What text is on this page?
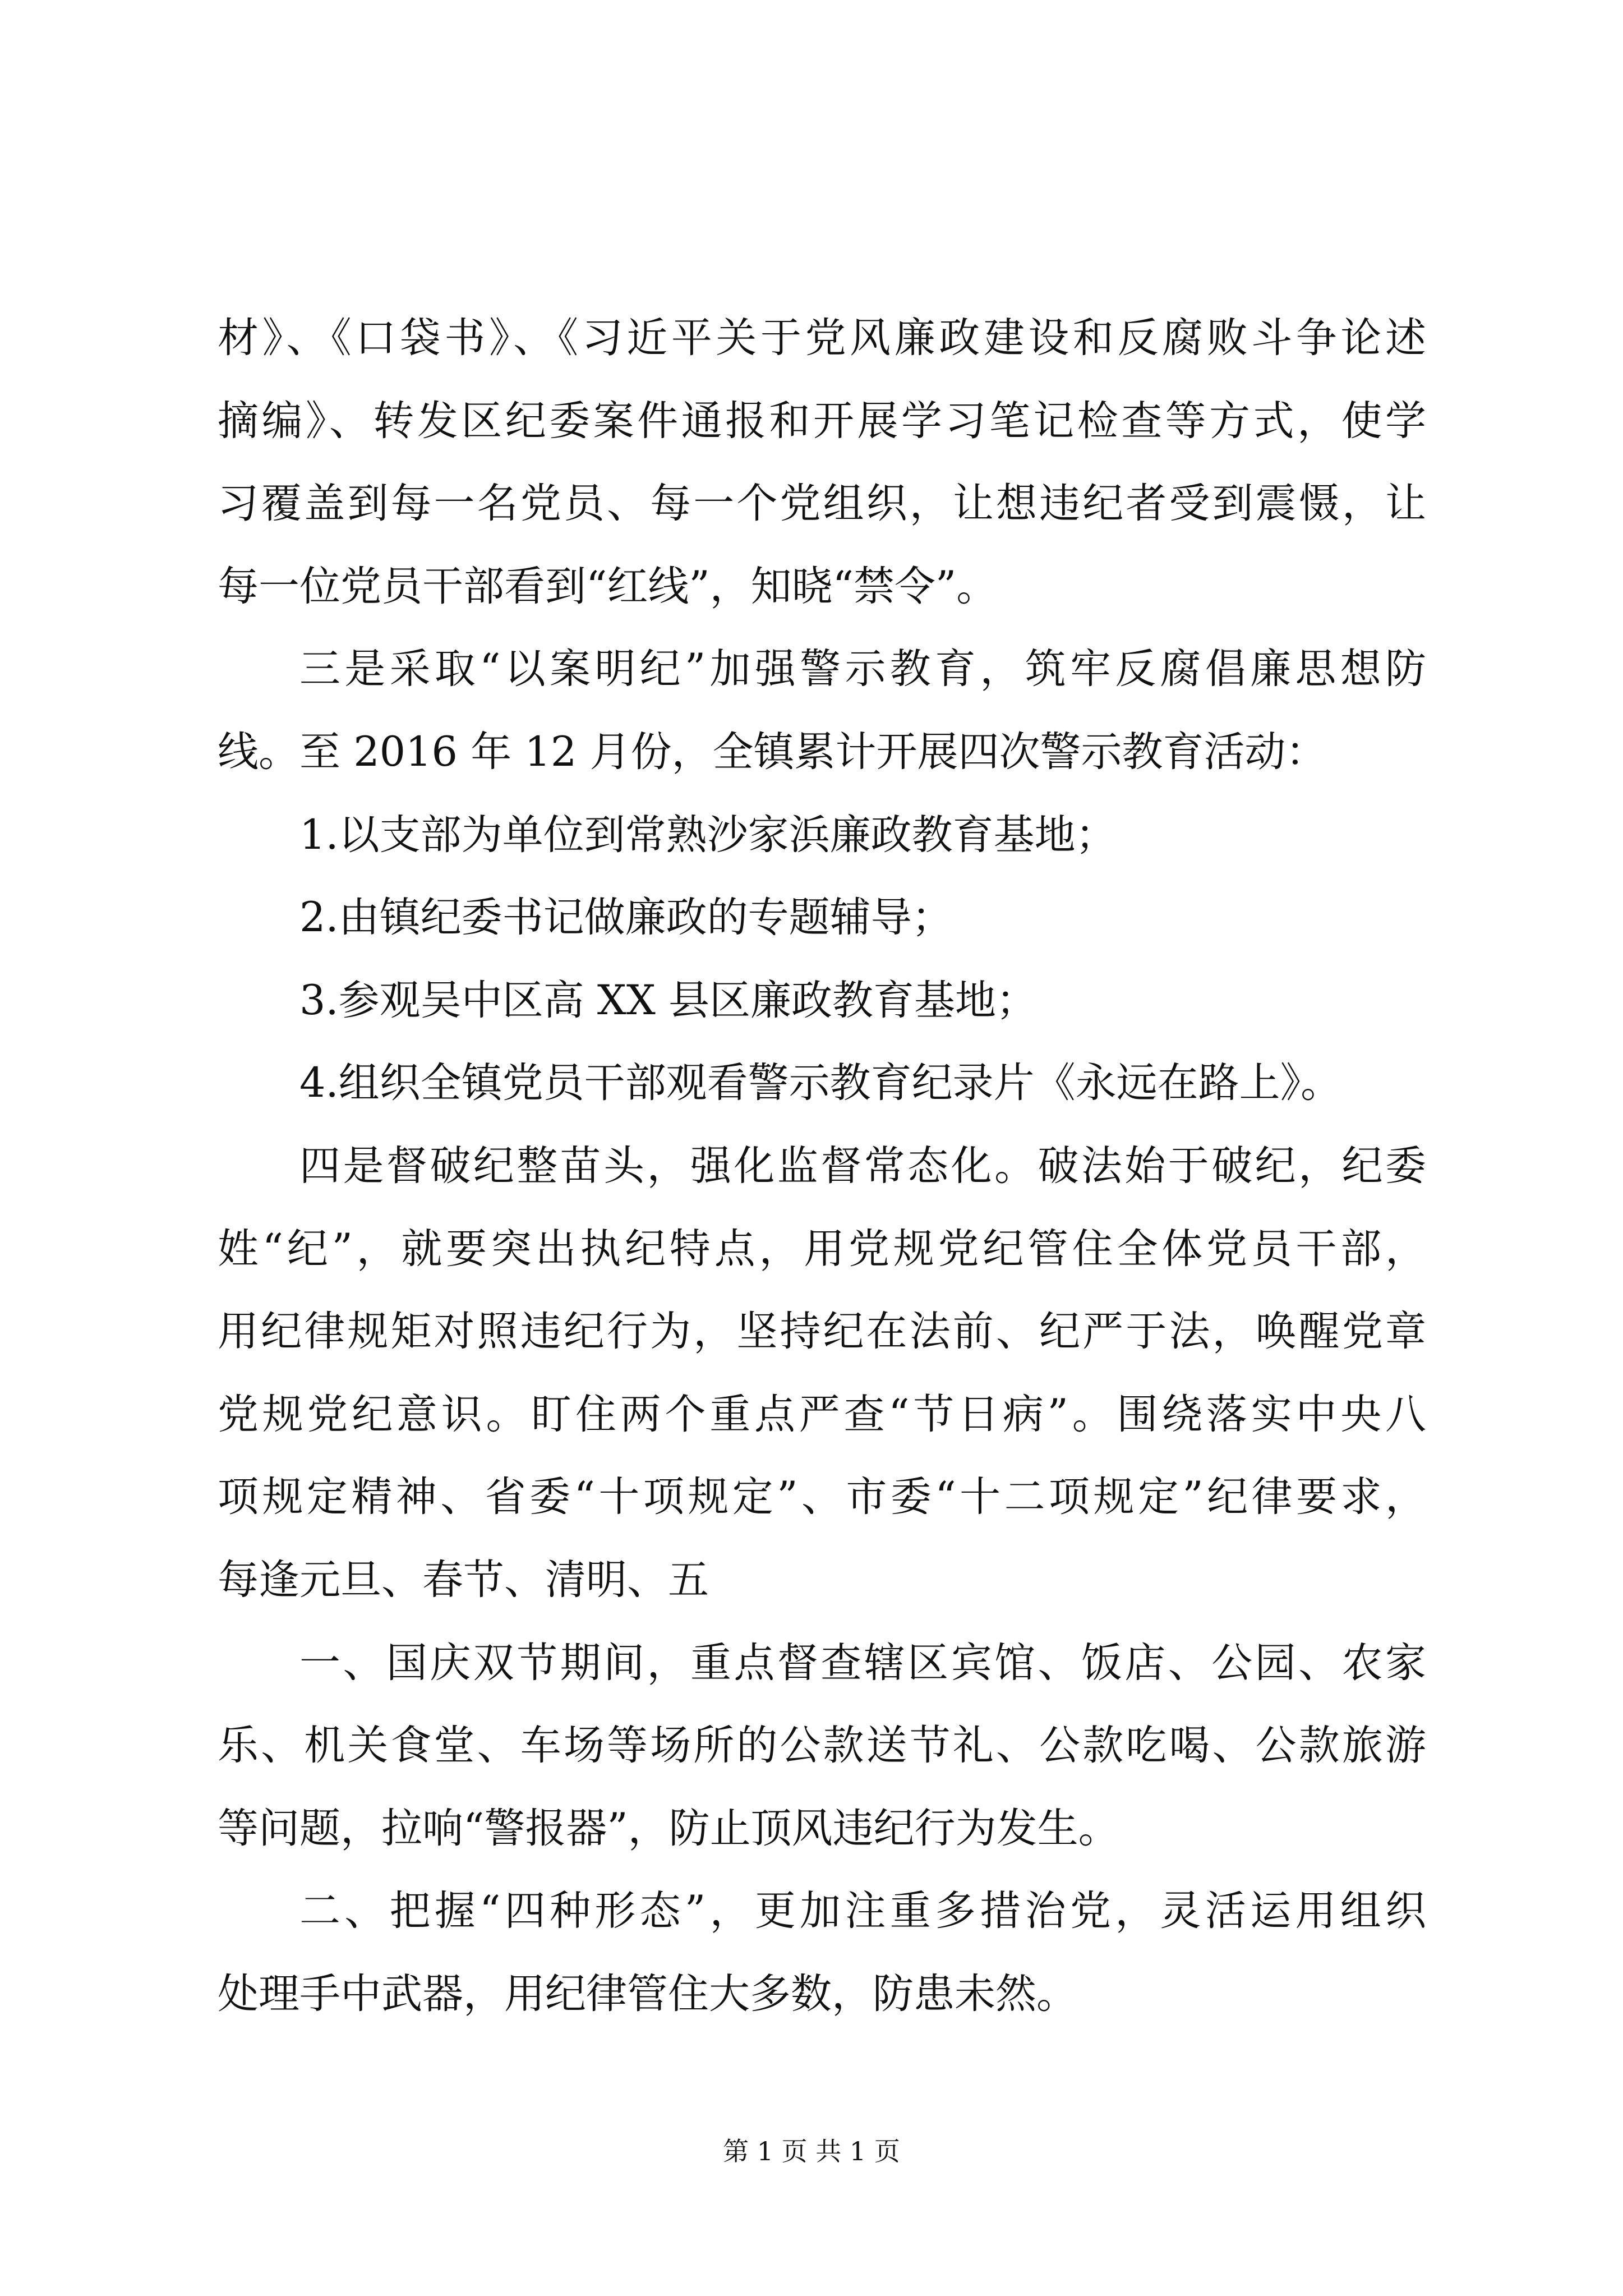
材》、《口袋书》、《习近平关于党风廉政建设和反腐败斗争论述
摘编》、转发区纪委案件通报和开展学习笔记检查等方式，使学
习覆盖到每一名党员、每一个党组织，让想违纪者受到震慑，让
每一位党员干部看到“红线”，知晓“禁令”。
三是采取“以案明纪”加强警示教育，筑牢反腐倡廉思想防
线。至 2016 年 12 月份，全镇累计开展四次警示教育活动：
1.以支部为单位到常熟沙家浜廉政教育基地；
2.由镇纪委书记做廉政的专题辅导；
3.参观吴中区高 XX 县区廉政教育基地；
4.组织全镇党员干部观看警示教育纪录片《永远在路上》。
四是督破纪整苗头，强化监督常态化。破法始于破纪，纪委
姓“纪”，就要突出执纪特点，用党规党纪管住全体党员干部，
用纪律规矩对照违纪行为，坚持纪在法前、纪严于法，唤醒党章
党规党纪意识。盯住两个重点严查“节日病”。围绕落实中央八
项规定精神、省委“十项规定”、市委“十二项规定”纪律要求，
每逢元旦、春节、清明、五
一、国庆双节期间，重点督查辖区宾馆、饭店、公园、农家
乐、机关食堂、车场等场所的公款送节礼、公款吃喝、公款旅游
等问题，拉响“警报器”，防止顶风违纪行为发生。
二、把握“四种形态”，更加注重多措治党，灵活运用组织
处理手中武器，用纪律管住大多数，防患未然。
第 1 页 共 1 页
